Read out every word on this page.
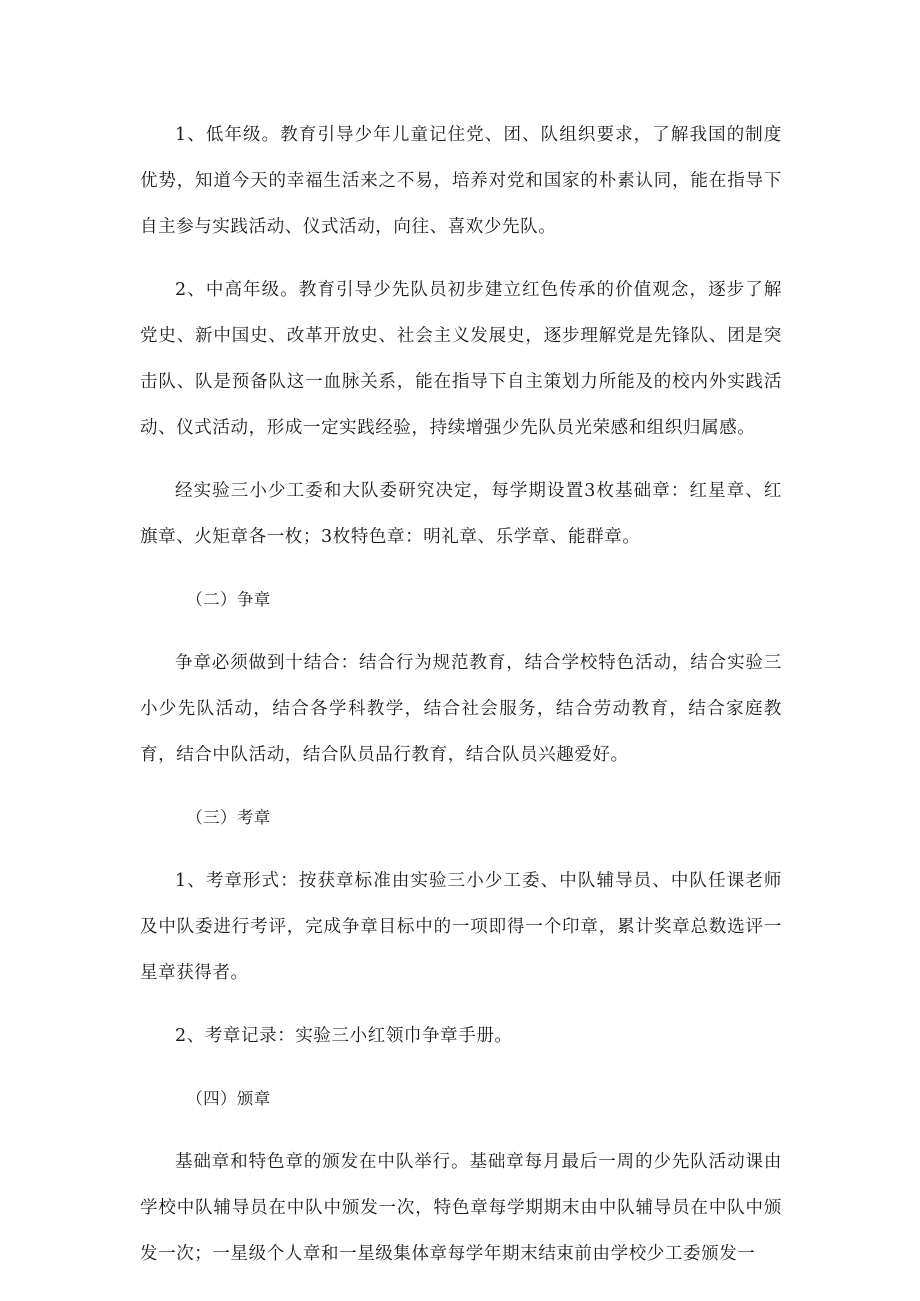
1、低年级。教育引导少年儿童记住党、团、队组织要求，了解我国的制度优势，知道今天的幸福生活来之不易，培养对党和国家的朴素认同，能在指导下自主参与实践活动、仪式活动，向往、喜欢少先队。

2、中高年级。教育引导少先队员初步建立红色传承的价值观念，逐步了解党史、新中国史、改革开放史、社会主义发展史，逐步理解党是先锋队、团是突击队、队是预备队这一血脉关系，能在指导下自主策划力所能及的校内外实践活动、仪式活动，形成一定实践经验，持续增强少先队员光荣感和组织归属感。

经实验三小少工委和大队委研究决定，每学期设置3枚基础章：红星章、红旗章、火矩章各一枚；3枚特色章：明礼章、乐学章、能群章。

（二）争章

争章必须做到十结合：结合行为规范教育，结合学校特色活动，结合实验三小少先队活动，结合各学科教学，结合社会服务，结合劳动教育，结合家庭教育，结合中队活动，结合队员品行教育，结合队员兴趣爱好。

（三）考章

1、考章形式：按获章标准由实验三小少工委、中队辅导员、中队任课老师及中队委进行考评，完成争章目标中的一项即得一个印章，累计奖章总数选评一星章获得者。

2、考章记录：实验三小红领巾争章手册。

（四）颁章

基础章和特色章的颁发在中队举行。基础章每月最后一周的少先队活动课由学校中队辅导员在中队中颁发一次，特色章每学期期末由中队辅导员在中队中颁发一次；一星级个人章和一星级集体章每学年期末结束前由学校少工委颁发一
